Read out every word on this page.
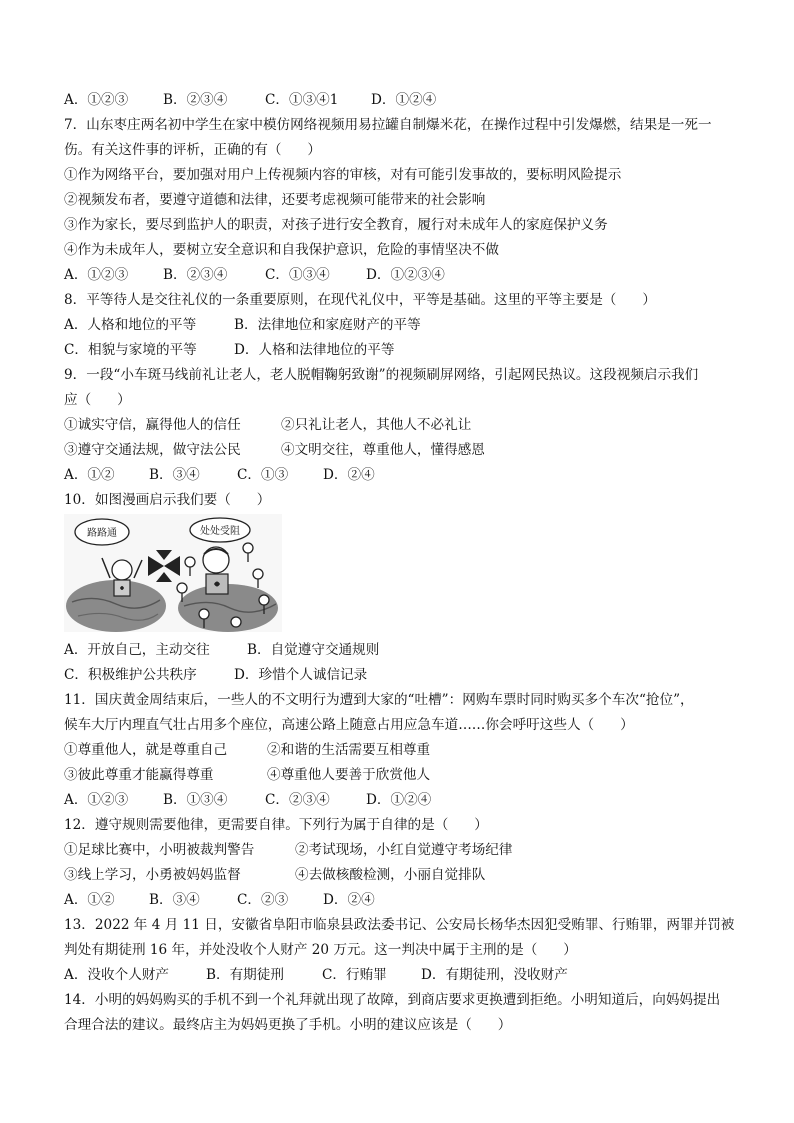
A．①②③

	B．②③④

	C．①③④1

D．①②④

7．山东枣庄两名初中学生在家中模仿网络视频用易拉罐自制爆米花，在操作过程中引发爆燃，结果是一死一
伤。有关这件事的评析，正确的有（      ）
①作为网络平台，要加强对用户上传视频内容的审核，对有可能引发事故的，要标明风险提示
②视频发布者，要遵守道德和法律，还要考虑视频可能带来的社会影响
③作为家长，要尽到监护人的职责，对孩子进行安全教育，履行对未成年人的家庭保护义务
④作为未成年人，要树立安全意识和自我保护意识，危险的事情坚决不做

A．①②③

	B．②③④

	C．①③④

	D．①②③④

8．平等待人是交往礼仪的一条重要原则，在现代礼仪中，平等是基础。这里的平等主要是（      ）

A．人格和地位的平等

	B．法律地位和家庭财产的平等

C．相貌与家境的平等

	D．人格和法律地位的平等

9．一段“小车斑马线前礼让老人，老人脱帽鞠躬致谢”的视频刷屏网络，引起网民热议。这段视频启示我们
应（      ）

①诚实守信，赢得他人的信任

	②只礼让老人，其他人不必礼让

③遵守交通法规，做守法公民

	④文明交往，尊重他人，懂得感恩

A．①②

	B．③④

	C．①③

	D．②④

10．如图漫画启示我们要（      ）
路路通	处处受阻

A．开放自己，主动交往

	B．自觉遵守交通规则

C．积极维护公共秩序

	D．珍惜个人诚信记录

11．国庆黄金周结束后，一些人的不文明行为遭到大家的“吐槽”：网购车票时同时购买多个车次“抢位”，
候车大厅内理直气壮占用多个座位，高速公路上随意占用应急车道……你会呼吁这些人（      ）

①尊重他人，就是尊重自己

	②和谐的生活需要互相尊重

③彼此尊重才能赢得尊重

	④尊重他人要善于欣赏他人

A．①②③

	B．①③④

	C．②③④

	D．①②④

12．遵守规则需要他律，更需要自律。下列行为属于自律的是（      ）

①足球比赛中，小明被裁判警告

	②考试现场，小红自觉遵守考场纪律

③线上学习，小勇被妈妈监督

	④去做核酸检测，小丽自觉排队

A．①②

	B．③④

	C．②③

	D．②④

13．2022 年 4 月 11 日，安徽省阜阳市临泉县政法委书记、公安局长杨华杰因犯受贿罪、行贿罪，两罪并罚被
判处有期徒刑 16 年，并处没收个人财产 20 万元。这一判决中属于主刑的是（      ）

A．没收个人财产

	B．有期徒刑

	C．行贿罪

	D．有期徒刑，没收财产

14．小明的妈妈购买的手机不到一个礼拜就出现了故障，到商店要求更换遭到拒绝。小明知道后，向妈妈提出
合理合法的建议。最终店主为妈妈更换了手机。小明的建议应该是（      ）
